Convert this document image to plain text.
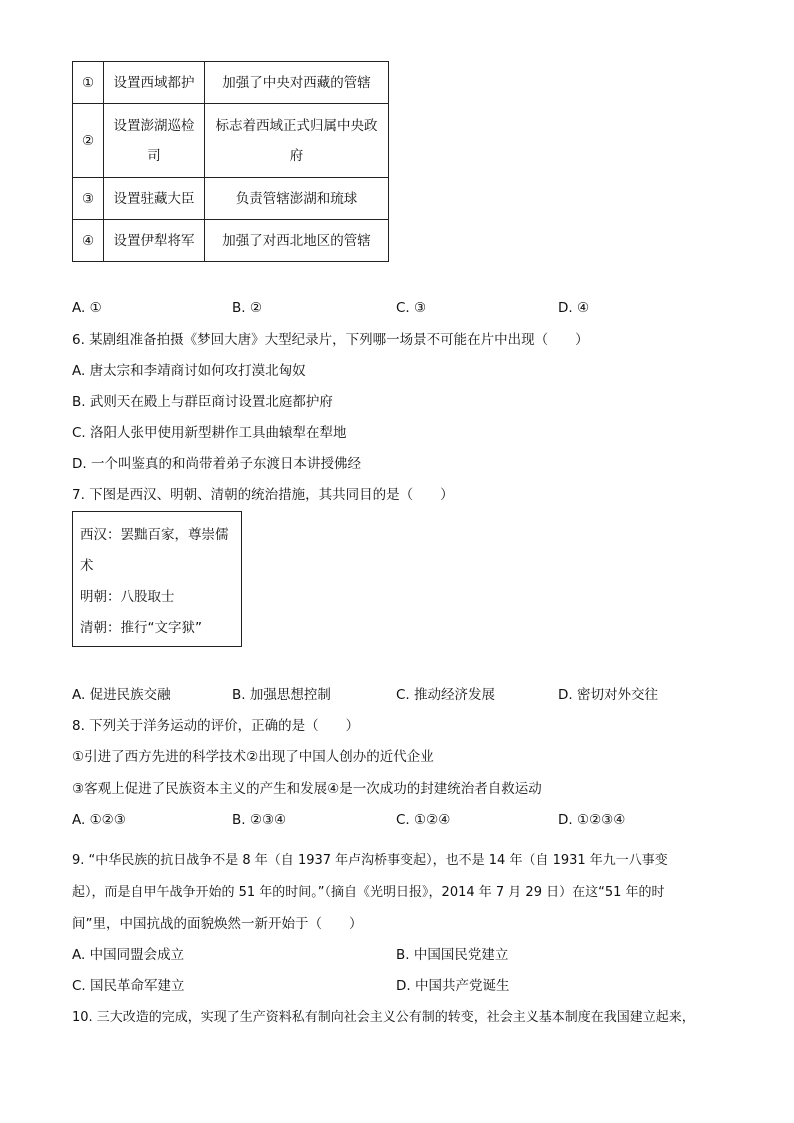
①	设置西域都护	加强了中央对西藏的管辖
②	设置澎湖巡检司	标志着西域正式归属中央政府
③	设置驻藏大臣	负责管辖澎湖和琉球
④	设置伊犁将军	加强了对西北地区的管辖
A. ①	B. ②	C. ③	D. ④
6. 某剧组准备拍摄《梦回大唐》大型纪录片，下列哪一场景不可能在片中出现（　　）
A. 唐太宗和李靖商讨如何攻打漠北匈奴
B. 武则天在殿上与群臣商讨设置北庭都护府
C. 洛阳人张甲使用新型耕作工具曲辕犁在犁地
D. 一个叫鉴真的和尚带着弟子东渡日本讲授佛经
7. 下图是西汉、明朝、清朝的统治措施，其共同目的是（　　）
西汉：罢黜百家，尊崇儒
术
明朝：八股取士
清朝：推行“文字狱”
A. 促进民族交融	B. 加强思想控制	C. 推动经济发展	D. 密切对外交往
8. 下列关于洋务运动的评价，正确的是（　　）
①引进了西方先进的科学技术②出现了中国人创办的近代企业
③客观上促进了民族资本主义的产生和发展④是一次成功的封建统治者自救运动
A. ①②③	B. ②③④	C. ①②④	D. ①②③④
9. “中华民族的抗日战争不是 8 年（自 1937 年卢沟桥事变起），也不是 14 年（自 1931 年九一八事变
起），而是自甲午战争开始的 51 年的时间。”（摘自《光明日报》，2014 年 7 月 29 日）在这“51 年的时
间”里，中国抗战的面貌焕然一新开始于（　　）
A. 中国同盟会成立	B. 中国国民党建立
C. 国民革命军建立	D. 中国共产党诞生
10. 三大改造的完成，实现了生产资料私有制向社会主义公有制的转变，社会主义基本制度在我国建立起来，
